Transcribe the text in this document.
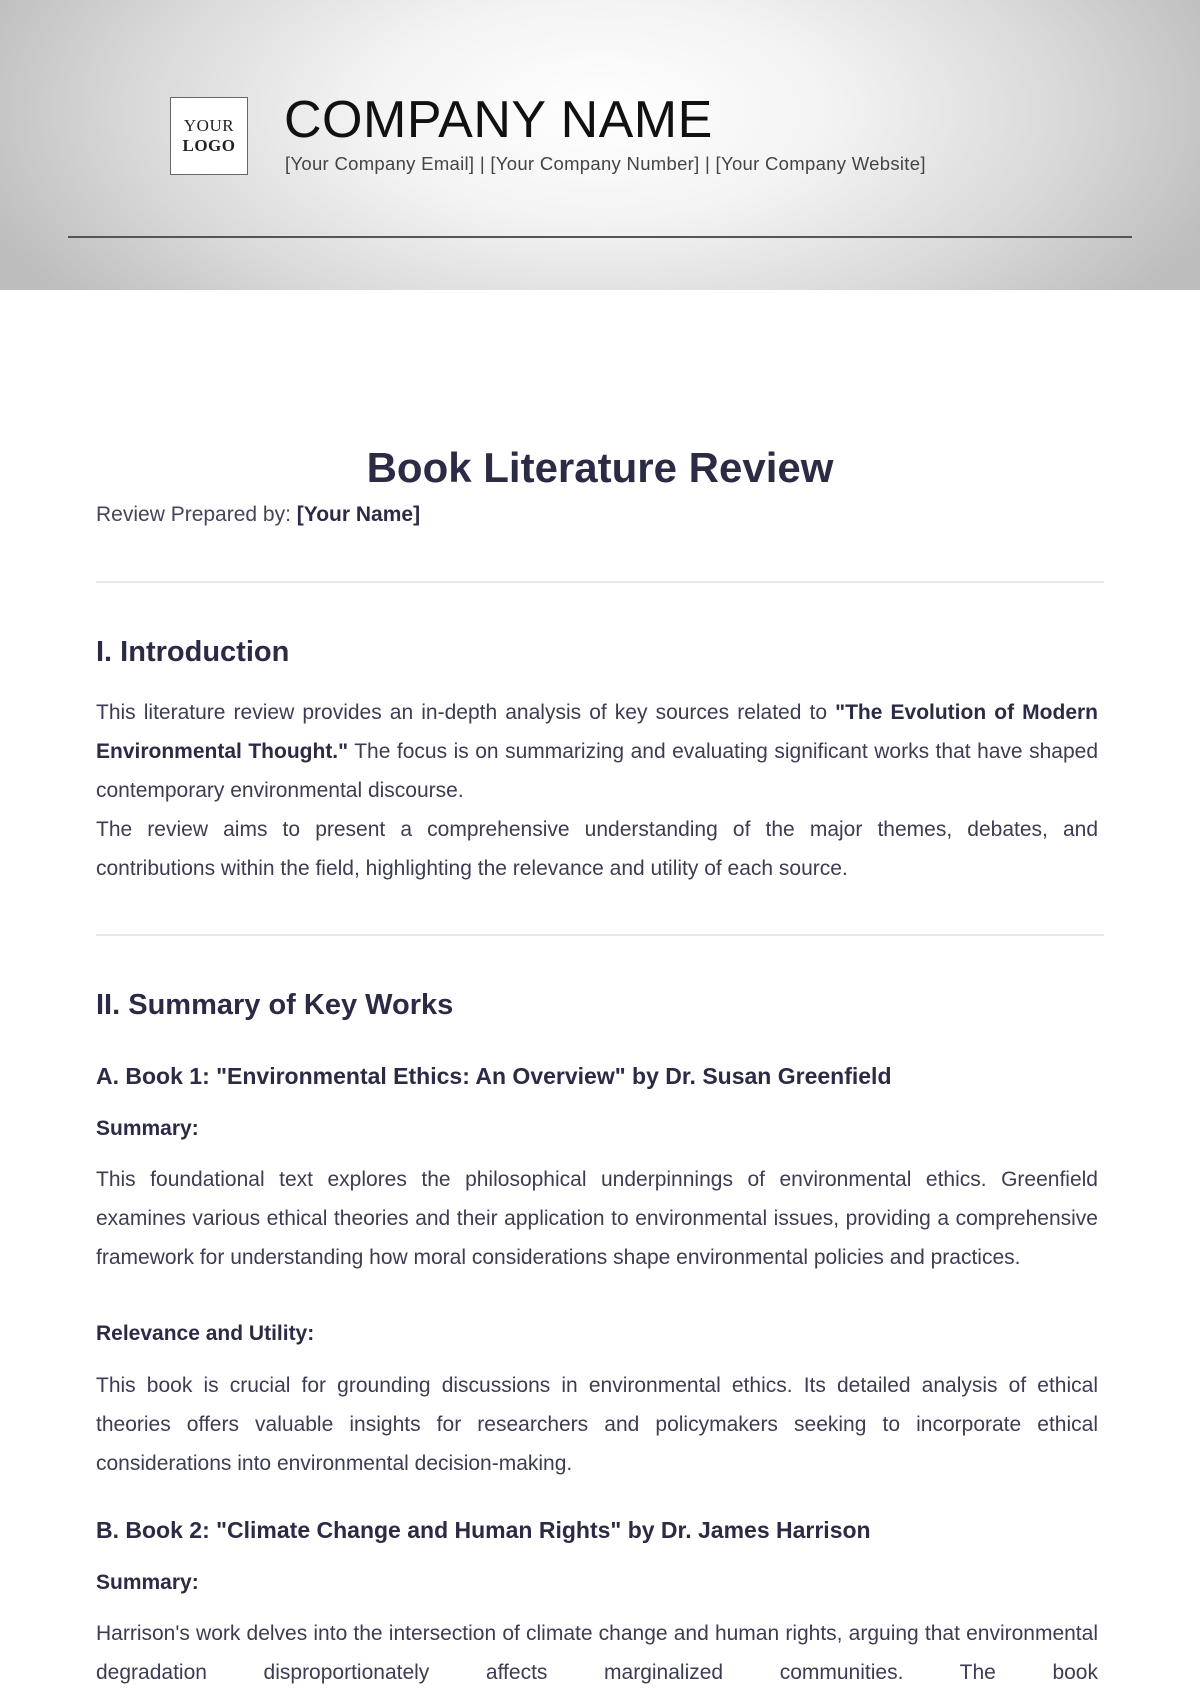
YOUR
LOGO COMPANY NAME
[Your Company Email] | [Your Company Number] | [Your Company Website]
Book Literature Review
Review Prepared by: [Your Name]
I. Introduction
This literature review provides an in-depth analysis of key sources related to "The Evolution of Modern Environmental Thought." The focus is on summarizing and evaluating significant works that have shaped contemporary environmental discourse.
The review aims to present a comprehensive understanding of the major themes, debates, and contributions within the field, highlighting the relevance and utility of each source.
II. Summary of Key Works
A. Book 1: "Environmental Ethics: An Overview" by Dr. Susan Greenfield
Summary:
This foundational text explores the philosophical underpinnings of environmental ethics. Greenfield examines various ethical theories and their application to environmental issues, providing a comprehensive framework for understanding how moral considerations shape environmental policies and practices.
Relevance and Utility:
This book is crucial for grounding discussions in environmental ethics. Its detailed analysis of ethical theories offers valuable insights for researchers and policymakers seeking to incorporate ethical considerations into environmental decision-making.
B. Book 2: "Climate Change and Human Rights" by Dr. James Harrison
Summary:
Harrison's work delves into the intersection of climate change and human rights, arguing that environmental degradation disproportionately affects marginalized communities. The book
